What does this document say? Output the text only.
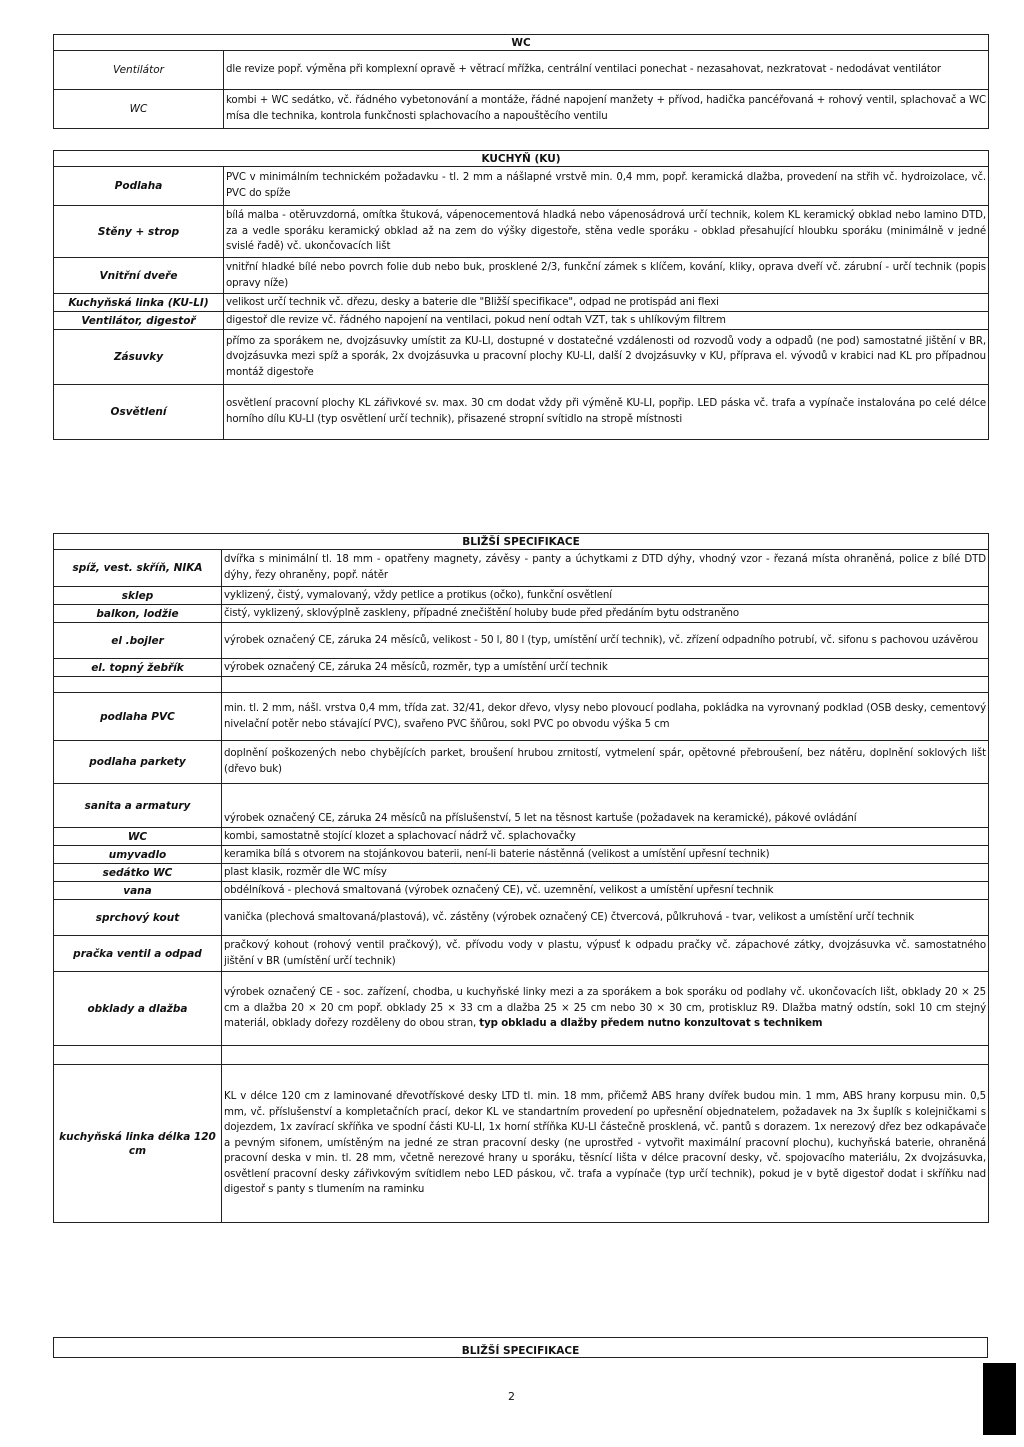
WC	
Ventilátor	dle revize popř. výměna při komplexní opravě + větrací mřížka, centrální ventilaci ponechat - nezasahovat, nezkratovat - nedodávat ventilátor
WC	kombi + WC sedátko, vč. řádného vybetonování a montáže, řádné napojení manžety + přívod, hadička pancéřovaná + rohový ventil, splachovač a WC mísa dle technika, kontrola funkčnosti splachovacího a napouštěcího ventilu
KUCHYŇ (KU)	
Podlaha	PVC v minimálním technickém požadavku - tl. 2 mm a nášlapné vrstvě min. 0,4 mm, popř. keramická dlažba, provedení na střih vč. hydroizolace, vč. PVC do spíže
Stěny + strop	bílá malba - otěruvzdorná, omítka štuková, vápenocementová hladká nebo vápenosádrová určí technik, kolem KL keramický obklad nebo lamino DTD, za a vedle sporáku keramický obklad až na zem do výšky digestoře, stěna vedle sporáku - obklad přesahující hloubku sporáku (minimálně v jedné svislé řadě) vč. ukončovacích lišt
Vnitřní dveře	vnitřní hladké bílé nebo povrch folie dub nebo buk, prosklené 2/3, funkční zámek s klíčem, kování, kliky, oprava dveří vč. zárubní - určí technik (popis opravy níže)
Kuchyňská linka (KU-LI)	velikost určí technik vč. dřezu, desky a baterie dle "Bližší specifikace", odpad ne protispád ani flexi
Ventilátor, digestoř	digestoř dle revize vč. řádného napojení na ventilaci, pokud není odtah VZT, tak s uhlíkovým filtrem
Zásuvky	přímo za sporákem ne, dvojzásuvky umístit za KU-LI, dostupné v dostatečné vzdálenosti od rozvodů vody a odpadů (ne pod) samostatné jištění v BR, dvojzásuvka mezi spíž a sporák, 2x dvojzásuvka u pracovní plochy KU-LI, další 2 dvojzásuvky v KU, příprava el. vývodů v krabici nad KL pro případnou montáž digestoře
Osvětlení	osvětlení pracovní plochy KL zářivkové sv. max. 30 cm dodat vždy při výměně KU-LI, popřip. LED páska vč. trafa a vypínače instalována po celé délce horního dílu KU-LI (typ osvětlení určí technik), přisazené stropní svítidlo na stropě místnosti
BLIŽŠÍ SPECIFIKACE	
spíž, vest. skříň, NIKA	dvířka s minimální tl. 18 mm - opatřeny magnety, závěsy - panty a úchytkami z DTD dýhy, vhodný vzor - řezaná místa ohraněná, police z bílé DTD dýhy, řezy ohraněny, popř. nátěr
sklep	vyklizený, čistý, vymalovaný, vždy petlice a protikus (očko), funkční osvětlení
balkon, lodžie	čistý, vyklizený, sklovýplně zaskleny, případné znečištění holuby bude před předáním bytu odstraněno
el .bojler	výrobek označený CE, záruka 24 měsíců, velikost - 50 l, 80 l (typ, umístění určí technik), vč. zřízení odpadního potrubí, vč. sifonu s pachovou uzávěrou
el. topný žebřík	výrobek označený CE, záruka 24 měsíců, rozměr, typ a umístění určí technik

podlaha PVC	min. tl. 2 mm, nášl. vrstva 0,4 mm, třída zat. 32/41, dekor dřevo, vlysy nebo plovoucí podlaha, pokládka na vyrovnaný podklad (OSB desky, cementový nivelační potěr nebo stávající PVC), svařeno PVC šňůrou, sokl PVC po obvodu výška 5 cm
podlaha parkety	doplnění poškozených nebo chybějících parket, broušení hrubou zrnitostí, vytmelení spár, opětovné přebroušení, bez nátěru, doplnění soklových lišt (dřevo buk)
sanita a armatury	výrobek označený CE, záruka 24 měsíců na příslušenství, 5 let na těsnost kartuše (požadavek na keramické), pákové ovládání
WC	kombi, samostatně stojící klozet a splachovací nádrž vč. splachovačky
umyvadlo	keramika bílá s otvorem na stojánkovou baterii, není-li baterie nástěnná (velikost a umístění upřesní technik)
sedátko WC	plast klasik, rozměr dle WC mísy
vana	obdélníková - plechová smaltovaná (výrobek označený CE), vč. uzemnění, velikost a umístění upřesní technik
sprchový kout	vanička (plechová smaltovaná/plastová), vč. zástěny (výrobek označený CE) čtvercová, půlkruhová - tvar, velikost a umístění určí technik
pračka ventil a odpad	pračkový kohout (rohový ventil pračkový), vč. přívodu vody v plastu, výpusť k odpadu pračky vč. zápachové zátky, dvojzásuvka vč. samostatného jištění v BR (umístění určí technik)
obklady a dlažba	výrobek označený CE - soc. zařízení, chodba, u kuchyňské linky mezi a za sporákem a bok sporáku od podlahy vč. ukončovacích lišt, obklady 20 × 25 cm a dlažba 20 × 20 cm popř. obklady 25 × 33 cm a dlažba 25 × 25 cm nebo 30 × 30 cm, protiskluz R9. Dlažba matný odstín, sokl 10 cm stejný materiál, obklady dořezy rozděleny do obou stran, typ obkladu a dlažby předem nutno konzultovat s technikem

kuchyňská linka délka 120 cm	KL v délce 120 cm z laminované dřevotřískové desky LTD tl. min. 18 mm, přičemž ABS hrany dvířek budou min. 1 mm, ABS hrany korpusu min. 0,5 mm, vč. příslušenství a kompletačních prací, dekor KL ve standartním provedení po upřesnění objednatelem, požadavek na 3x šuplík s kolejničkami s dojezdem, 1x zavírací skříňka ve spodní části KU-LI, 1x horní stříňka KU-LI částečně prosklená, vč. pantů s dorazem. 1x nerezový dřez bez odkapávače a pevným sifonem, umístěným na jedné ze stran pracovní desky (ne uprostřed - vytvořit maximální pracovní plochu), kuchyňská baterie, ohraněná pracovní deska v min. tl. 28 mm, včetně nerezové hrany u sporáku, těsnící lišta v délce pracovní desky, vč. spojovacího materiálu, 2x dvojzásuvka, osvětlení pracovní desky zářivkovým svítidlem nebo LED páskou, vč. trafa a vypínače (typ určí technik), pokud je v bytě digestoř dodat i skříňku nad digestoř s panty s tlumením na raminku
BLIŽŠÍ SPECIFIKACE
2
